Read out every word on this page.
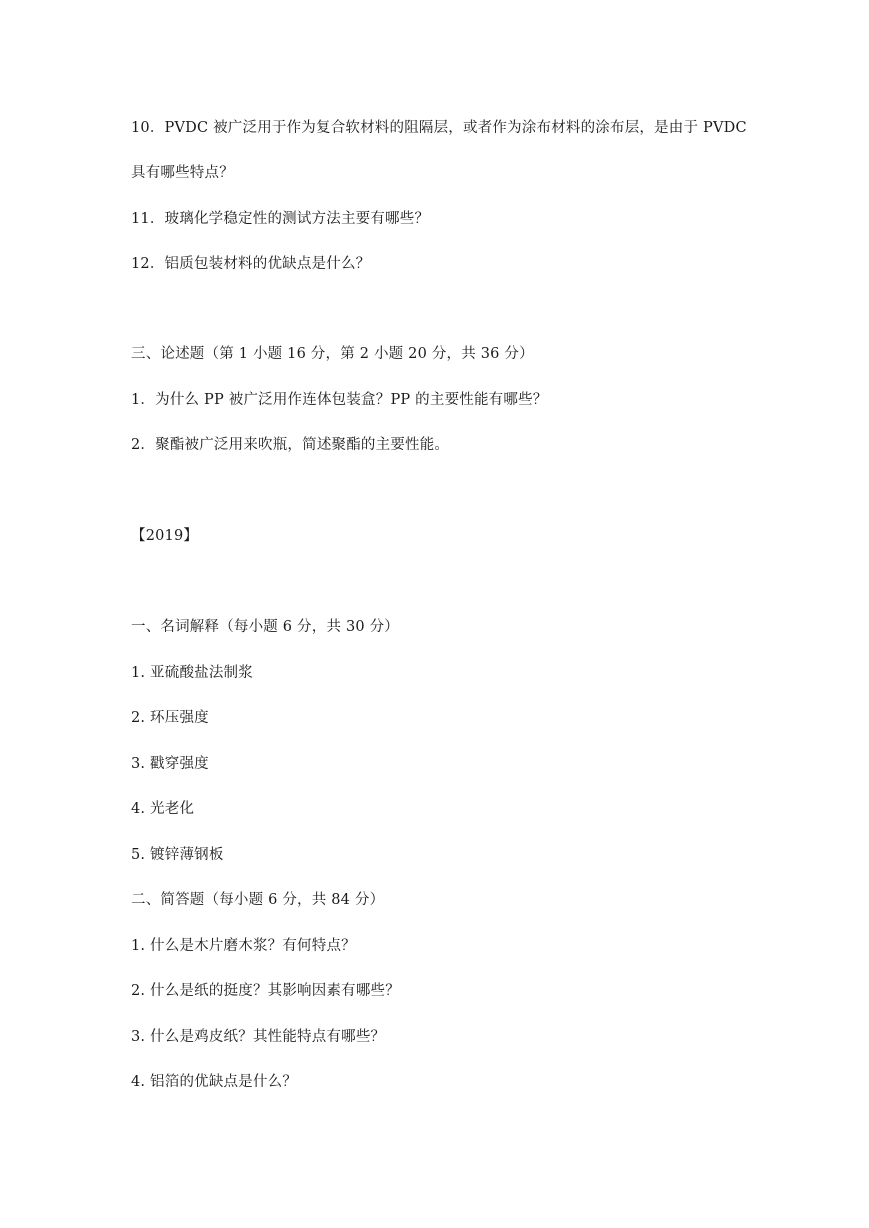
10．PVDC 被广泛用于作为复合软材料的阻隔层，或者作为涂布材料的涂布层，是由于 PVDC
具有哪些特点？
11．玻璃化学稳定性的测试方法主要有哪些？
12．铝质包装材料的优缺点是什么？
三、论述题（第 1 小题 16 分，第 2 小题 20 分，共 36 分）
1．为什么 PP 被广泛用作连体包装盒？PP 的主要性能有哪些？
2．聚酯被广泛用来吹瓶，简述聚酯的主要性能。
【2019】
一、名词解释（每小题 6 分，共 30 分）
1. 亚硫酸盐法制浆
2. 环压强度
3. 戳穿强度
4. 光老化
5. 镀锌薄钢板
二、简答题（每小题 6 分，共 84 分）
1. 什么是木片磨木浆？有何特点？
2. 什么是纸的挺度？其影响因素有哪些？
3. 什么是鸡皮纸？其性能特点有哪些？
4. 铝箔的优缺点是什么？
